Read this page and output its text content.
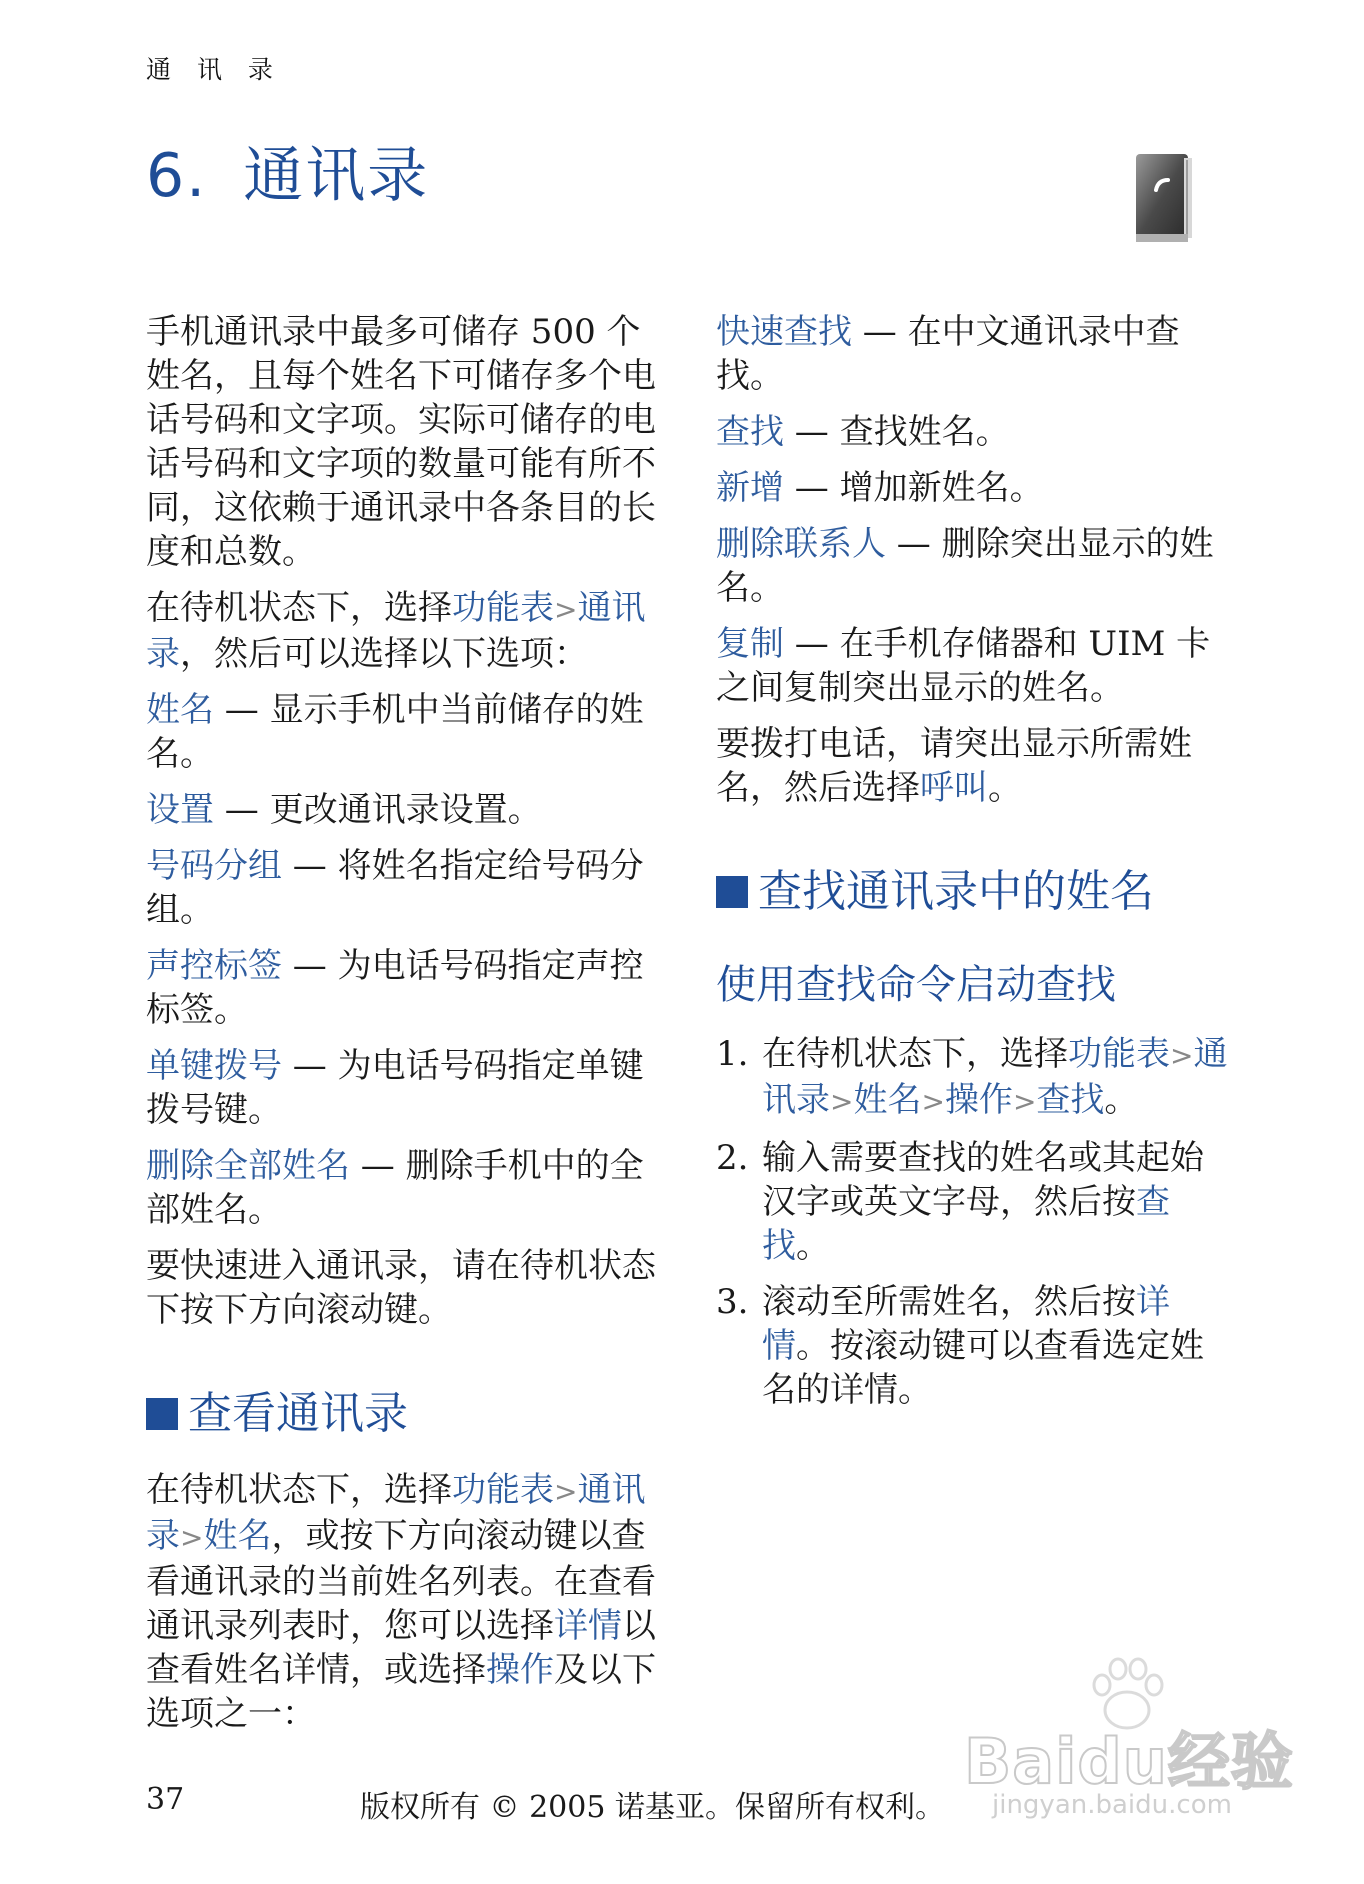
通 讯 录
6. 通讯录

手机通讯录中最多可储存 500 个姓名，且每个姓名下可储存多个电话号码和文字项。实际可储存的电话号码和文字项的数量可能有所不同，这依赖于通讯录中各条目的长度和总数。

在待机状态下，选择功能表>通讯录，然后可以选择以下选项：

姓名 — 显示手机中当前储存的姓名。

设置 — 更改通讯录设置。

号码分组 — 将姓名指定给号码分组。

声控标签 — 为电话号码指定声控标签。

单键拨号 — 为电话号码指定单键拨号键。

删除全部姓名 — 删除手机中的全部姓名。

要快速进入通讯录，请在待机状态下按下方向滚动键。

查看通讯录

在待机状态下，选择功能表>通讯录>姓名，或按下方向滚动键以查看通讯录的当前姓名列表。在查看通讯录列表时，您可以选择详情以查看姓名详情，或选择操作及以下选项之一：

快速查找 — 在中文通讯录中查找。

查找 — 查找姓名。

新增 — 增加新姓名。

删除联系人 — 删除突出显示的姓名。

复制 — 在手机存储器和 UIM 卡之间复制突出显示的姓名。

要拨打电话，请突出显示所需姓名，然后选择呼叫。

查找通讯录中的姓名
使用查找命令启动查找
1. 在待机状态下，选择功能表>通讯录>姓名>操作>查找。
2. 输入需要查找的姓名或其起始汉字或英文字母，然后按查找。
3. 滚动至所需姓名，然后按详情。按滚动键可以查看选定姓名的详情。
Baidu经验
jingyan.baidu.com
37	版权所有 © 2005 诺基亚。保留所有权利。
